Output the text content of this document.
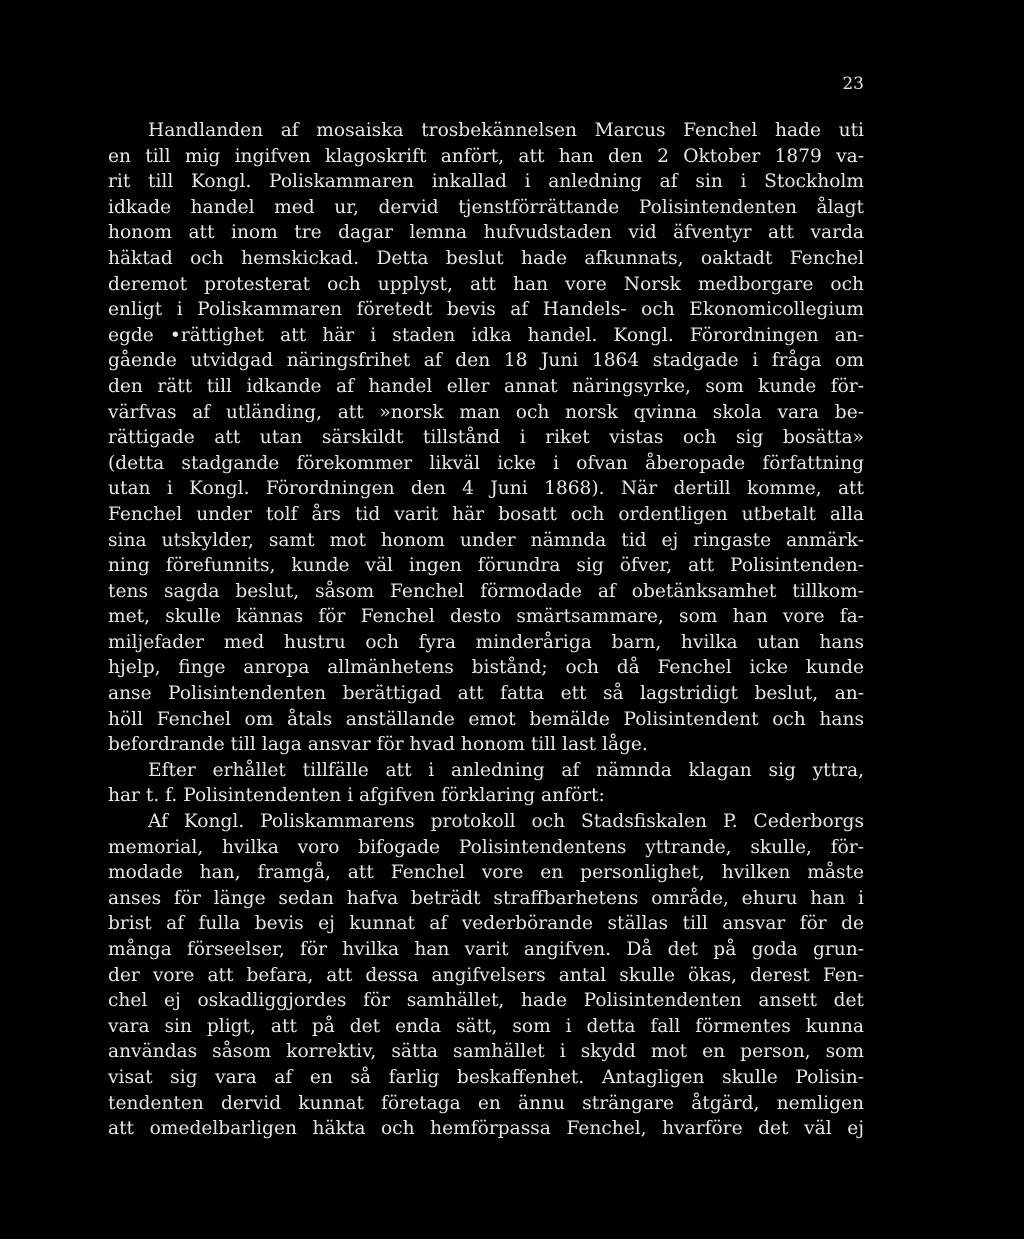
23
Handlanden af mosaiska trosbekännelsen Marcus Fenchel hade uti
en till mig ingifven klagoskrift anfört, att han den 2 Oktober 1879 va-
rit till Kongl. Poliskammaren inkallad i anledning af sin i Stockholm
idkade handel med ur, dervid tjenstförrättande Polisintendenten ålagt
honom att inom tre dagar lemna hufvudstaden vid äfventyr att varda
häktad och hemskickad. Detta beslut hade afkunnats, oaktadt Fenchel
deremot protesterat och upplyst, att han vore Norsk medborgare och
enligt i Poliskammaren företedt bevis af Handels- och Ekonomicollegium
egde •rättighet att här i staden idka handel. Kongl. Förordningen an-
gående utvidgad näringsfrihet af den 18 Juni 1864 stadgade i fråga om
den rätt till idkande af handel eller annat näringsyrke, som kunde för-
värfvas af utländing, att »norsk man och norsk qvinna skola vara be-
rättigade att utan särskildt tillstånd i riket vistas och sig bosätta»
(detta stadgande förekommer likväl icke i ofvan åberopade författning
utan i Kongl. Förordningen den 4 Juni 1868). När dertill komme, att
Fenchel under tolf års tid varit här bosatt och ordentligen utbetalt alla
sina utskylder, samt mot honom under nämnda tid ej ringaste anmärk-
ning förefunnits, kunde väl ingen förundra sig öfver, att Polisintenden-
tens sagda beslut, såsom Fenchel förmodade af obetänksamhet tillkom-
met, skulle kännas för Fenchel desto smärtsammare, som han vore fa-
miljefader med hustru och fyra minderåriga barn, hvilka utan hans
hjelp, finge anropa allmänhetens bistånd; och då Fenchel icke kunde
anse Polisintendenten berättigad att fatta ett så lagstridigt beslut, an-
höll Fenchel om åtals anställande emot bemälde Polisintendent och hans
befordrande till laga ansvar för hvad honom till last låge.
Efter erhållet tillfälle att i anledning af nämnda klagan sig yttra,
har t. f. Polisintendenten i afgifven förklaring anfört:
Af Kongl. Poliskammarens protokoll och Stadsfiskalen P. Cederborgs
memorial, hvilka voro bifogade Polisintendentens yttrande, skulle, för-
modade han, framgå, att Fenchel vore en personlighet, hvilken måste
anses för länge sedan hafva beträdt straffbarhetens område, ehuru han i
brist af fulla bevis ej kunnat af vederbörande ställas till ansvar för de
många förseelser, för hvilka han varit angifven. Då det på goda grun-
der vore att befara, att dessa angifvelsers antal skulle ökas, derest Fen-
chel ej oskadliggjordes för samhället, hade Polisintendenten ansett det
vara sin pligt, att på det enda sätt, som i detta fall förmentes kunna
användas såsom korrektiv, sätta samhället i skydd mot en person, som
visat sig vara af en så farlig beskaffenhet. Antagligen skulle Polisin-
tendenten dervid kunnat företaga en ännu strängare åtgärd, nemligen
att omedelbarligen häkta och hemförpassa Fenchel, hvarföre det väl ej
